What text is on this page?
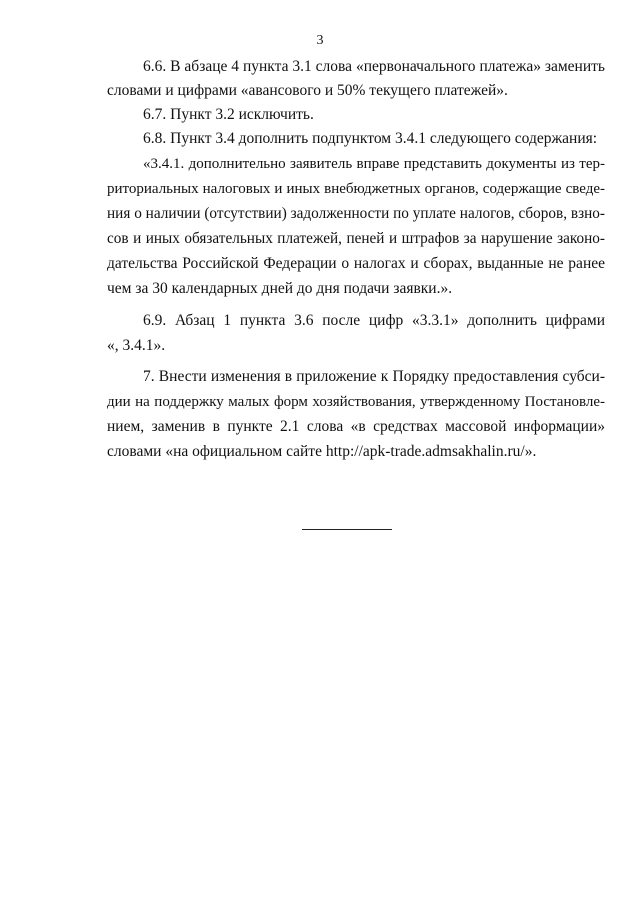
3
6.6. В абзаце 4 пункта 3.1 слова «первоначального платежа» заменить
словами и цифрами «авансового и 50% текущего платежей».
6.7. Пункт 3.2 исключить.
6.8. Пункт 3.4 дополнить подпунктом 3.4.1 следующего содержания:
«3.4.1. дополнительно заявитель вправе представить документы из тер-
риториальных налоговых и иных внебюджетных органов, содержащие сведе-
ния о наличии (отсутствии) задолженности по уплате налогов, сборов, взно-
сов и иных обязательных платежей, пеней и штрафов за нарушение законо-
дательства Российской Федерации о налогах и сборах, выданные не ранее
чем за 30 календарных дней до дня подачи заявки.».
6.9. Абзац 1 пункта 3.6 после цифр «3.3.1» дополнить цифрами
«, 3.4.1».
7. Внести изменения в приложение к Порядку предоставления субси-
дии на поддержку малых форм хозяйствования, утвержденному Постановле-
нием, заменив в пункте 2.1 слова «в средствах массовой информации»
словами «на официальном сайте http://apk-trade.admsakhalin.ru/».
